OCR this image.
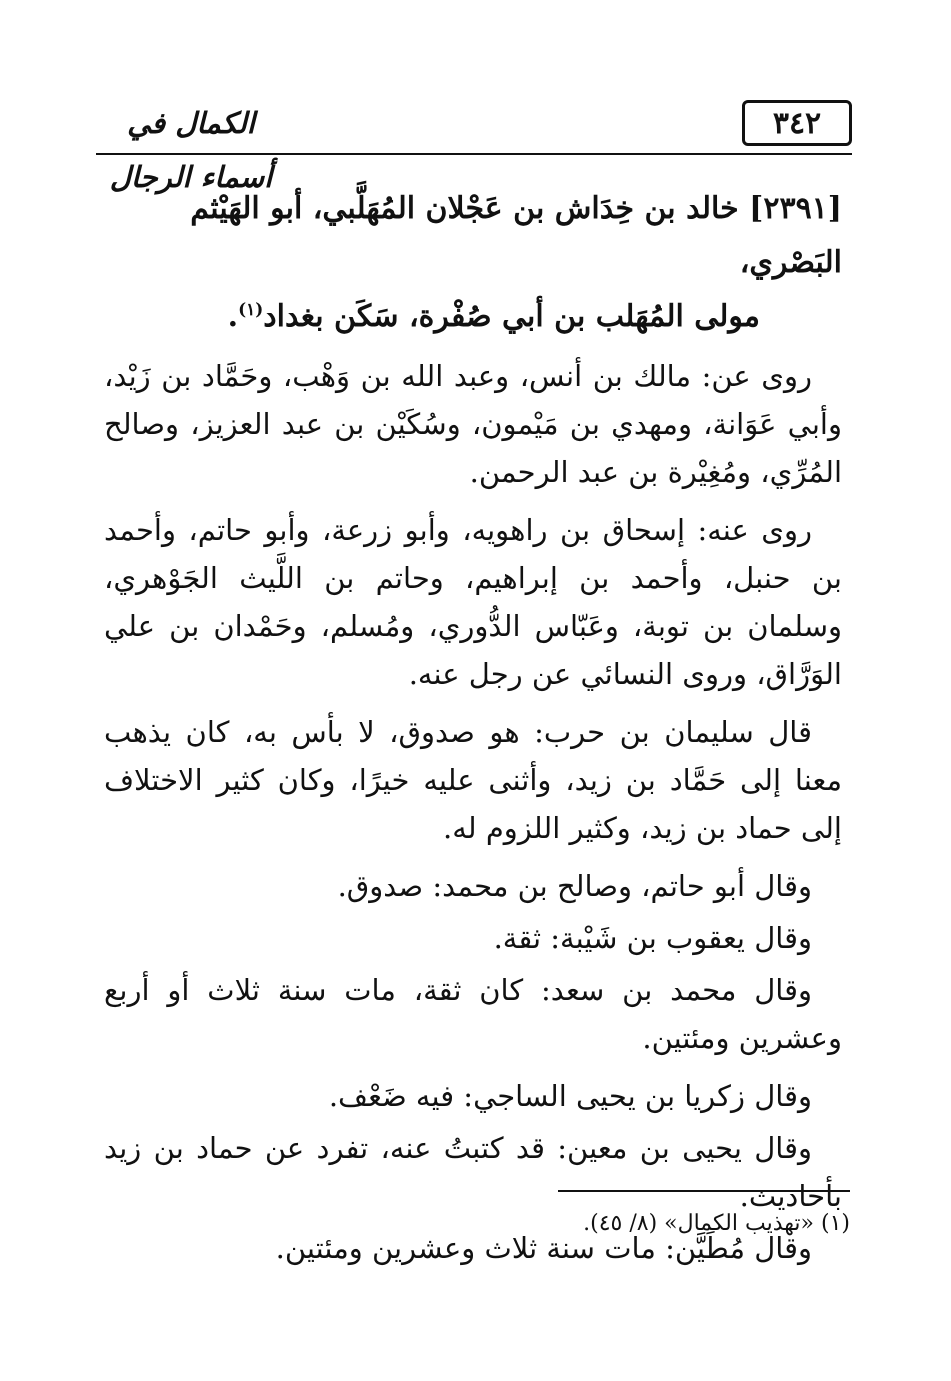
الكمال في أسماء الرجال
٣٤٢
[٢٣٩١] خالد بن خِدَاش بن عَجْلان المُهَلَّبي، أبو الهَيْثم البَصْري،
مولى المُهَلب بن أبي صُفْرة، سَكَن بغداد$^{(١)}$.

روى عن: مالك بن أنس، وعبد الله بن وَهْب، وحَمَّاد بن زَيْد، وأبي عَوَانة، ومهدي بن مَيْمون، وسُكَيْن بن عبد العزيز، وصالح المُرِّي، ومُغِيْرة بن عبد الرحمن.

روى عنه: إسحاق بن راهويه، وأبو زرعة، وأبو حاتم، وأحمد بن حنبل، وأحمد بن إبراهيم، وحاتم بن اللَّيث الجَوْهري، وسلمان بن توبة، وعَبّاس الدُّوري، ومُسلم، وحَمْدان بن علي الوَرَّاق، وروى النسائي عن رجل عنه.

قال سليمان بن حرب: هو صدوق، لا بأس به، كان يذهب معنا إلى حَمَّاد بن زيد، وأثنى عليه خيرًا، وكان كثير الاختلاف إلى حماد بن زيد، وكثير اللزوم له.

وقال أبو حاتم، وصالح بن محمد: صدوق.

وقال يعقوب بن شَيْبة: ثقة.

وقال محمد بن سعد: كان ثقة، مات سنة ثلاث أو أربع وعشرين ومئتين.

وقال زكريا بن يحيى الساجي: فيه ضَعْف.

وقال يحيى بن معين: قد كتبتُ عنه، تفرد عن حماد بن زيد بأحاديث.

وقال مُطَيَّن: مات سنة ثلاث وعشرين ومئتين.

(١) «تهذيب الكمال» (٨/ ٤٥).
